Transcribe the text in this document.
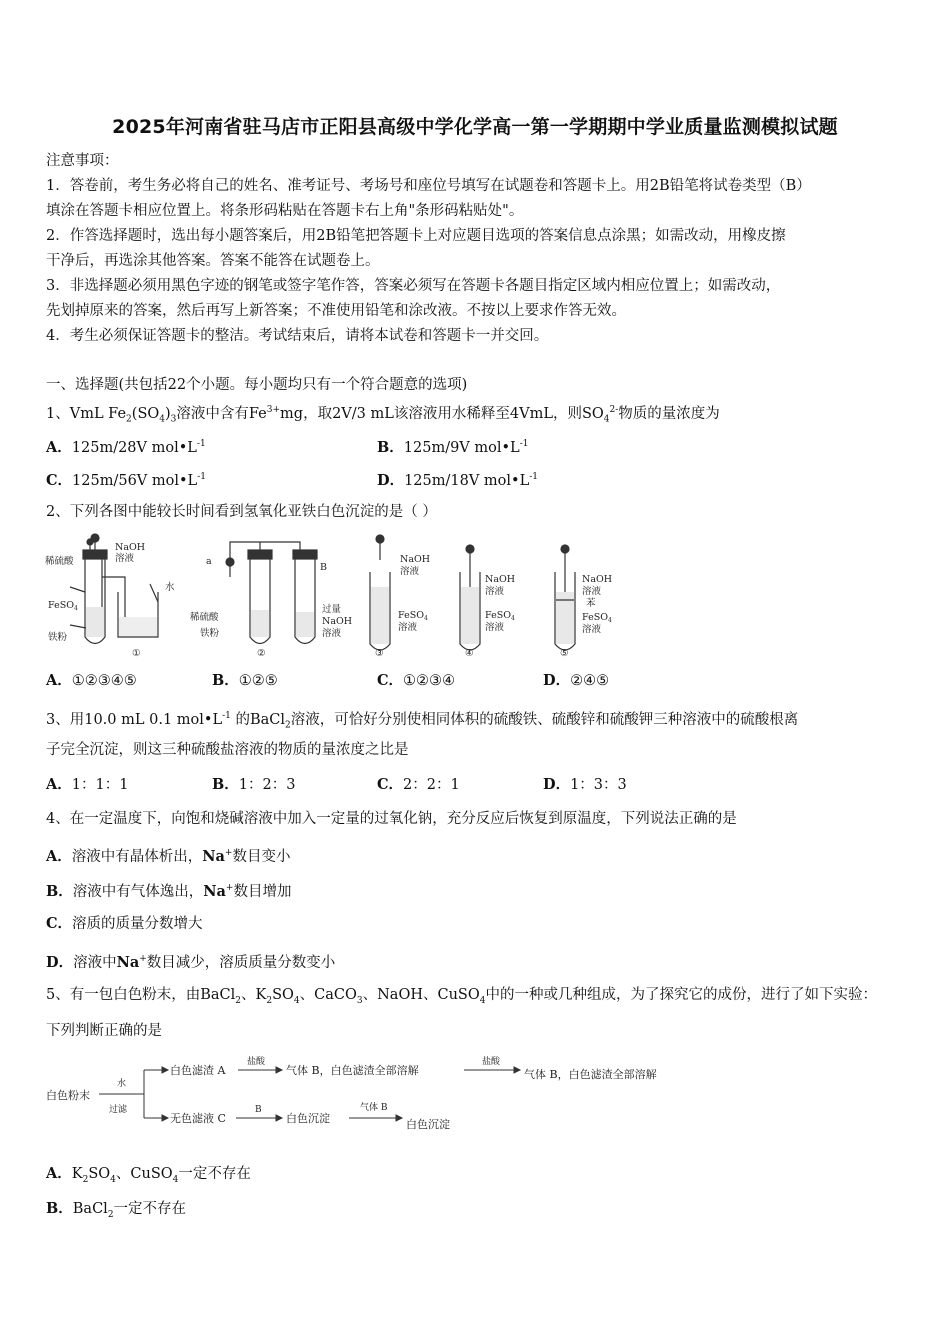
2025年河南省驻马店市正阳县高级中学化学高一第一学期期中学业质量监测模拟试题
注意事项：
1．答卷前，考生务必将自己的姓名、准考证号、考场号和座位号填写在试题卷和答题卡上。用2B铅笔将试卷类型（B）
填涂在答题卡相应位置上。将条形码粘贴在答题卡右上角"条形码粘贴处"。
2．作答选择题时，选出每小题答案后，用2B铅笔把答题卡上对应题目选项的答案信息点涂黑；如需改动，用橡皮擦
干净后，再选涂其他答案。答案不能答在试题卷上。
3．非选择题必须用黑色字迹的钢笔或签字笔作答，答案必须写在答题卡各题目指定区域内相应位置上；如需改动，
先划掉原来的答案，然后再写上新答案；不准使用铅笔和涂改液。不按以上要求作答无效。
4．考生必须保证答题卡的整洁。考试结束后，请将本试卷和答题卡一并交回。
一、选择题(共包括22个小题。每小题均只有一个符合题意的选项)
1、VmL $Fe_2(SO_4)_3$溶液中含有$Fe^{3+}mg$，取2V/3 mL该溶液用水稀释至4VmL，则$SO_4^{2-}$物质的量浓度为
A．125m/28V $mol•L^{-1}$	B．125m/9V $mol•L^{-1}$
C．125m/56V $mol•L^{-1}$	D．125m/18V $mol•L^{-1}$
2、下列各图中能较长时间看到氢氧化亚铁白色沉淀的是（ ）
稀硫酸
NaOH
溶液
FeSO$_4$
铁粉
水
①
a
稀硫酸
铁粉
B
过量
NaOH
溶液
②
NaOH
溶液
FeSO$_4$
溶液
③
NaOH
溶液
FeSO$_4$
溶液
④
NaOH
溶液
苯
FeSO$_4$
溶液
⑤
A．①②③④⑤	B．①②⑤	C．①②③④	D．②④⑤
3、用10.0 mL 0.1 $mol•L^{-1}$ 的BaCl$_2$溶液，可恰好分别使相同体积的硫酸铁、硫酸锌和硫酸钾三种溶液中的硫酸根离
子完全沉淀，则这三种硫酸盐溶液的物质的量浓度之比是
A．1：1：1	B．1：2：3	C．2：2：1	D．1：3：3
4、在一定温度下，向饱和烧碱溶液中加入一定量的过氧化钠，充分反应后恢复到原温度，下列说法正确的是
A．溶液中有晶体析出，Na+数目变小
B．溶液中有气体逸出，Na+数目增加
C．溶质的质量分数增大
D．溶液中Na+数目减少，溶质质量分数变小
5、有一包白色粉末，由BaCl$_2$、$K_2SO_4$、CaCO$_3$、NaOH、CuSO$_4$中的一种或几种组成，为了探究它的成份，进行了如下实验：
下列判断正确的是
白色粉末
水
过滤
白色滤渣 A
盐酸
气体 B，白色滤渣全部溶解
盐酸
气体 B，白色滤渣全部溶解
无色滤液 C
B
白色沉淀
气体 B
白色沉淀
A．$K_2SO_4$、CuSO$_4$一定不存在
B．BaCl$_2$一定不存在
